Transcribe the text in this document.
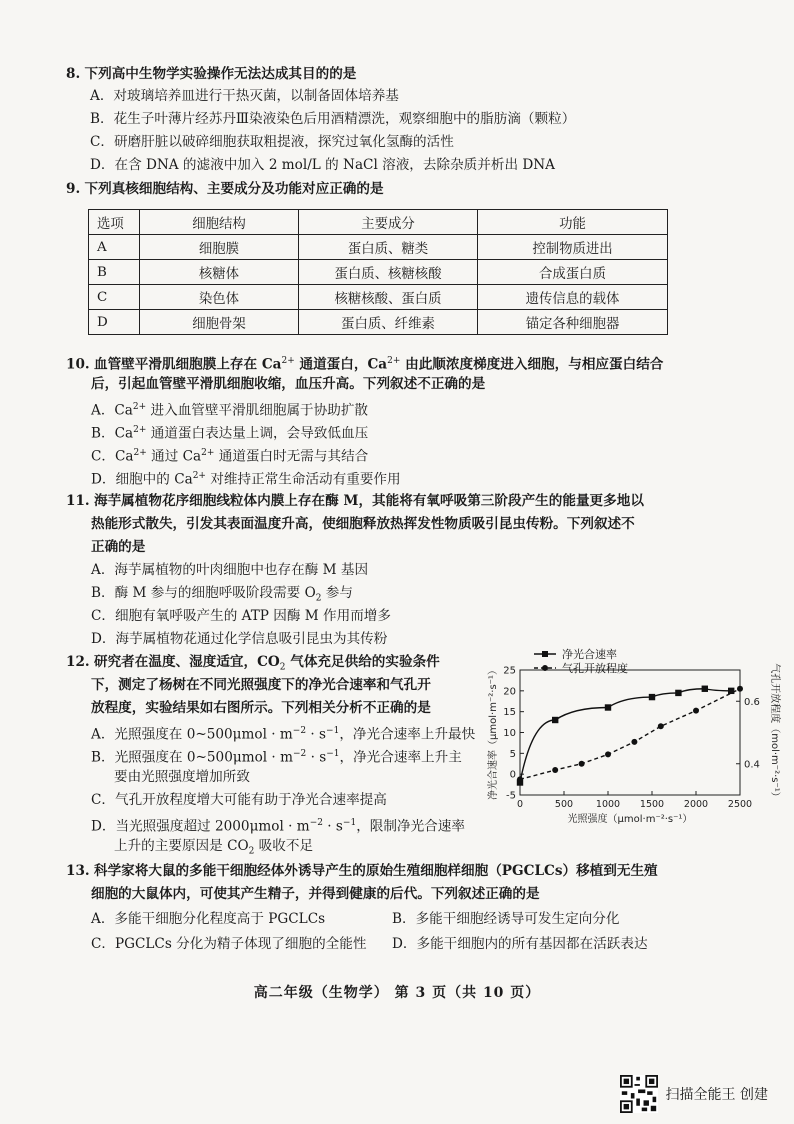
8. 下列高中生物学实验操作无法达成其目的的是
A．对玻璃培养皿进行干热灭菌，以制备固体培养基
B．花生子叶薄片经苏丹Ⅲ染液染色后用酒精漂洗，观察细胞中的脂肪滴（颗粒）
C．研磨肝脏以破碎细胞获取粗提液，探究过氧化氢酶的活性
D．在含 DNA 的滤液中加入 2 mol/L 的 NaCl 溶液，去除杂质并析出 DNA
9. 下列真核细胞结构、主要成分及功能对应正确的是
选项	细胞结构	主要成分	功能
A	细胞膜	蛋白质、糖类	控制物质进出
B	核糖体	蛋白质、核糖核酸	合成蛋白质
C	染色体	核糖核酸、蛋白质	遗传信息的载体
D	细胞骨架	蛋白质、纤维素	锚定各种细胞器
10. 血管壁平滑肌细胞膜上存在 $Ca^{2+}$ 通道蛋白，$Ca^{2+}$ 由此顺浓度梯度进入细胞，与相应蛋白结合
后，引起血管壁平滑肌细胞收缩，血压升高。下列叙述不正确的是
A．$Ca^{2+}$ 进入血管壁平滑肌细胞属于协助扩散
B．$Ca^{2+}$ 通道蛋白表达量上调，会导致低血压
C．$Ca^{2+}$ 通过 $Ca^{2+}$ 通道蛋白时无需与其结合
D．细胞中的 $Ca^{2+}$ 对维持正常生命活动有重要作用
11. 海芋属植物花序细胞线粒体内膜上存在酶 M，其能将有氧呼吸第三阶段产生的能量更多地以
热能形式散失，引发其表面温度升高，使细胞释放热挥发性物质吸引昆虫传粉。下列叙述不
正确的是
A．海芋属植物的叶肉细胞中也存在酶 M 基因
B．酶 M 参与的细胞呼吸阶段需要 $O_2$ 参与
C．细胞有氧呼吸产生的 ATP 因酶 M 作用而增多
D．海芋属植物花通过化学信息吸引昆虫为其传粉
12. 研究者在温度、湿度适宜，$CO_2$ 气体充足供给的实验条件
下，测定了杨树在不同光照强度下的净光合速率和气孔开
放程度，实验结果如右图所示。下列相关分析不正确的是
A．光照强度在 0~500μmol · $m^{-2} \cdot s^{-1}$，净光合速率上升最快
B．光照强度在 0~500μmol · $m^{-2} \cdot s^{-1}$，净光合速率上升主
要由光照强度增加所致
C．气孔开放程度增大可能有助于净光合速率提高
D．当光照强度超过 $2000\mu mol \cdot m^{-2} \cdot s^{-1}$，限制净光合速率
上升的主要原因是 $CO_2$ 吸收不足
-5
0
5
10
15
20
25
0.4
0.6
0	500 1000 1500 2000 2500
光照强度（μmol·m⁻²·s⁻¹）
净光合速率（μmol·m⁻²·s⁻¹）	气孔开放程度（mol·m⁻²·s⁻¹）
净光合速率
气孔开放程度
13. 科学家将大鼠的多能干细胞经体外诱导产生的原始生殖细胞样细胞（PGCLCs）移植到无生殖
细胞的大鼠体内，可使其产生精子，并得到健康的后代。下列叙述正确的是
A．多能干细胞分化程度高于 PGCLCs	B．多能干细胞经诱导可发生定向分化
C．PGCLCs 分化为精子体现了细胞的全能性 D．多能干细胞内的所有基因都在活跃表达
高二年级（生物学） 第 3 页（共 10 页）
扫描全能王 创建
